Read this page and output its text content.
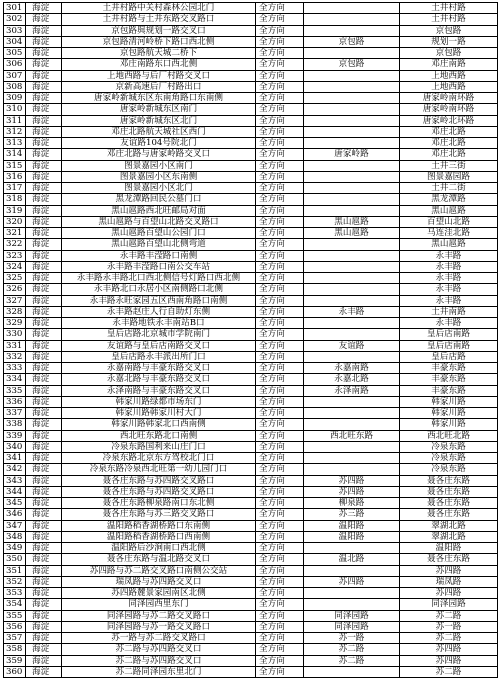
301	海淀	土井村路中关村森林公园北门	全方向		土井村路
302	海淀	土井村路与土井东路交叉路口	全方向		土井村路
303	海淀	京包路與规划一路交叉口	全方向		京包路
304	海淀	京包路清河岭桥下路口西北侧	全方向	京包路	规划一路
305	海淀	京包路航天城二桥下	全方向		京包路
306	海淀	邓庄南路东口西北侧	全方向	京包路	邓庄南路
307	海淀	上地西路与后厂村路交叉口	全方向		上地西路
308	海淀	京新高速后厂村路出口	全方向		上地西路
309	海淀	唐家岭新城东区东南角路口东南侧	全方向		唐家岭南环路
310	海淀	唐家岭新城东区南门	全方向		唐家岭南环路
311	海淀	唐家岭新城东区北门	全方向		唐家岭北环路
312	海淀	邓庄北路航天城社区西门	全方向		邓庄北路
313	海淀	友谊路104号院北门	全方向		邓庄北路
314	海淀	邓庄北路与唐家岭路交叉口	全方向	唐家岭路	邓庄北路
315	海淀	图景嘉园小区南门	全方向		土井三街
316	海淀	图景嘉园小区东南侧	全方向		图景嘉园路
317	海淀	图景嘉园小区北门	全方向		土井二街
318	海淀	黑龙潭路回民公墓门口	全方向		黑龙潭路
319	海淀	黑山扈路西北旺邮局对面	全方向		黑山扈路
320	海淀	黑山扈路与百望山北路交叉路口	全方向	黑山扈路	百望山北路
321	海淀	黑山扈路百望山公园门口	全方向	黑山扈路	马连洼北路
322	海淀	黑山扈路百望山北侧弯道	全方向		黑山扈路
323	海淀	永丰路丰滢路口南侧	全方向		永丰路
324	海淀	永丰路丰滢路口南公交车站	全方向		永丰路
325	海淀	永丰路永丰路北口西北侧信号灯路口西北侧	全方向		永丰路
326	海淀	永丰路北口永居小区南侧路口北侧	全方向		永丰路
327	海淀	永丰路永旺家园五区西南角路口南侧	全方向		永丰路
328	海淀	永丰路赵庄人行自助灯东侧	全方向	永丰路	土井南路
329	海淀	永丰路地铁永丰南站B口	全方向		永丰路
330	海淀	皇后店路北京城市学院南门	全方向		皇后店南路
331	海淀	友谊路与皇后店南路交叉口	全方向	友谊路	皇后店南路
332	海淀	皇后店路永丰派出所门口	全方向		皇后店路
333	海淀	永嘉南路与丰豪东路交叉口	全方向	永嘉南路	丰豪东路
334	海淀	永嘉北路与丰豪东路交叉口	全方向	永嘉北路	丰豪东路
335	海淀	永泽南路与丰豪东路交叉口	全方向	永泽南路	丰豪东路
336	海淀	韩家川路绿都市场东门	全方向		韩家川路
337	海淀	韩家川路韩家川村大门	全方向		韩家川路
338	海淀	韩家川路韩家北口西南侧	全方向		韩家川路
339	海淀	西北旺东路北口南侧	全方向	西北旺东路	西北旺北路
340	海淀	冷泉东路国利来山庄门口	全方向		冷泉东路
341	海淀	冷泉东路北京东方驾校北门口	全方向		冷泉东路
342	海淀	冷泉东路冷泉西北旺第一幼儿园门口	全方向		冷泉东路
343	海淀	聂各庄东路与苏四路交叉路口	全方向	苏四路	聂各庄东路
344	海淀	聂各庄东路与苏四路交叉路口	全方向	苏四路	聂各庄东路
345	海淀	聂各庄东路柳泉路南口东北侧	全方向	柳泉路	聂各庄东路
346	海淀	聂各庄东路与苏三路交叉路口	全方向	苏三路	聂各庄东路
347	海淀	温阳路稻香湖桥路口东南侧	全方向	温阳路	翠湖北路
348	海淀	温阳路稻香湖桥路口西南侧	全方向	温阳路	翠湖北路
349	海淀	温阳路后沙涧南口西北侧	全方向		温阳路
350	海淀	聂各庄东路与温北路交叉口	全方向	温北路	聂各庄东路
351	海淀	苏四路与苏二路交叉路口南侧公交站	全方向		苏四路
352	海淀	瑞凤路与苏四路交叉口	全方向	苏四路	瑞凤路
353	海淀	苏四路麓景家园南区北侧	全方向		苏四路
354	海淀	同泽园西里东门	全方向		同泽园路
355	海淀	同泽园路与苏二路交叉路口	全方向	同泽园路	苏二路
356	海淀	同泽园路与苏一路交叉路口	全方向	同泽园路	苏一路
357	海淀	苏一路与苏二路交叉路口	全方向	苏一路	苏二路
358	海淀	苏二路与苏四路交叉口	全方向	苏二路	苏四路
359	海淀	苏二路与苏四路交叉口	全方向	苏二路	苏四路
360	海淀	苏二路同泽园东里北门	全方向		苏二路
